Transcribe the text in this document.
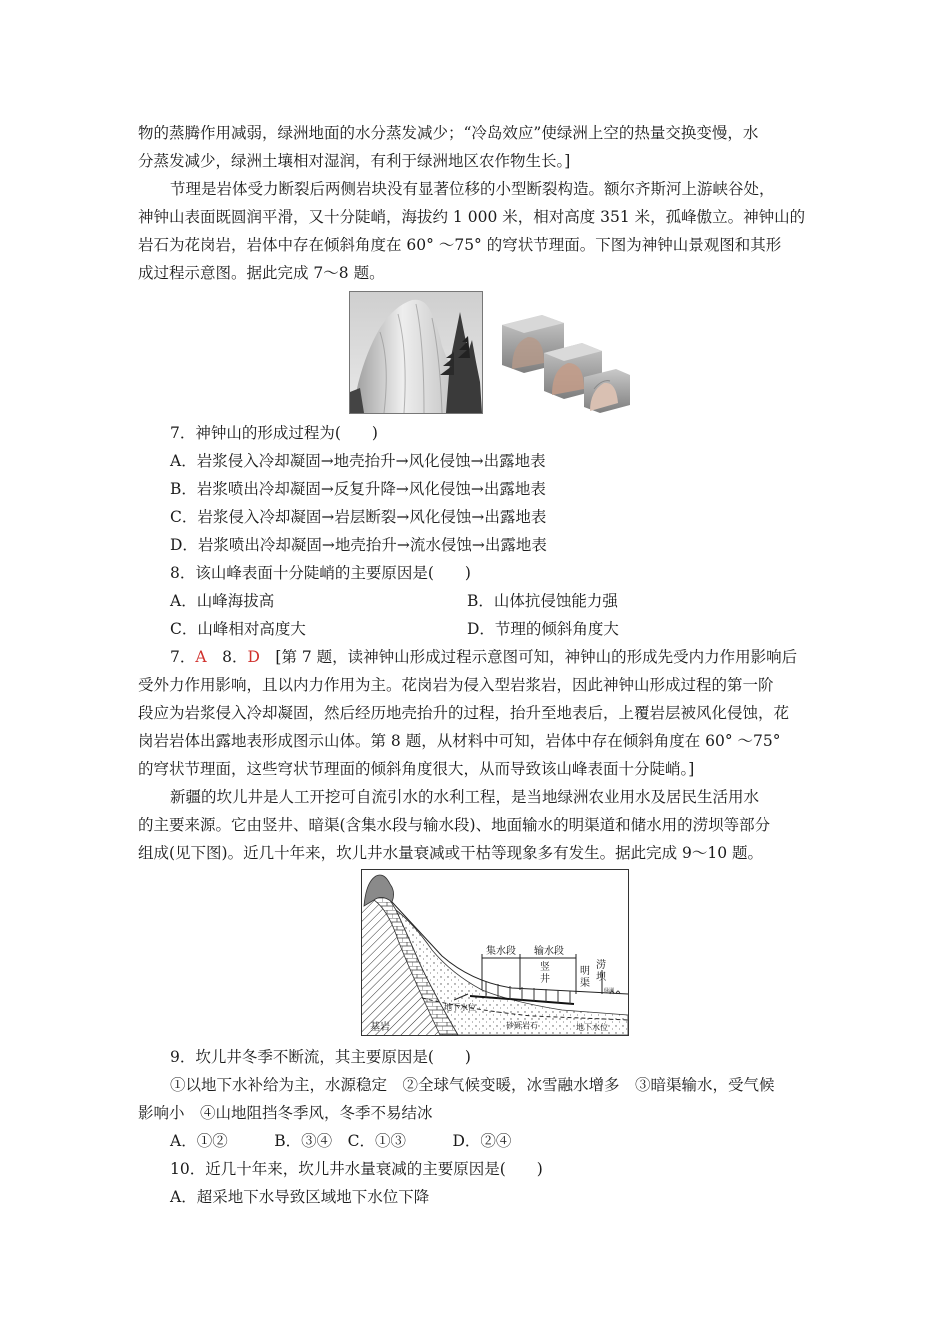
物的蒸腾作用减弱，绿洲地面的水分蒸发减少；“冷岛效应”使绿洲上空的热量交换变慢，水
分蒸发减少，绿洲土壤相对湿润，有利于绿洲地区农作物生长。]
节理是岩体受力断裂后两侧岩块没有显著位移的小型断裂构造。额尔齐斯河上游峡谷处，
神钟山表面既圆润平滑，又十分陡峭，海拔约 1 000 米，相对高度 351 米，孤峰傲立。神钟山的
岩石为花岗岩，岩体中存在倾斜角度在 60° ～75° 的穹状节理面。下图为神钟山景观图和其形
成过程示意图。据此完成 7～8 题。
7．神钟山的形成过程为(　　)
A．岩浆侵入冷却凝固→地壳抬升→风化侵蚀→出露地表
B．岩浆喷出冷却凝固→反复升降→风化侵蚀→出露地表
C．岩浆侵入冷却凝固→岩层断裂→风化侵蚀→出露地表
D．岩浆喷出冷却凝固→地壳抬升→流水侵蚀→出露地表
8．该山峰表面十分陡峭的主要原因是(　　)
A．山峰海拔高	B．山体抗侵蚀能力强
C．山峰相对高度大	D．节理的倾斜角度大
7．A　8．D　[第 7 题，读神钟山形成过程示意图可知，神钟山的形成先受内力作用影响后
受外力作用影响，且以内力作用为主。花岗岩为侵入型岩浆岩，因此神钟山形成过程的第一阶
段应为岩浆侵入冷却凝固，然后经历地壳抬升的过程，抬升至地表后，上覆岩层被风化侵蚀，花
岗岩岩体出露地表形成图示山体。第 8 题，从材料中可知，岩体中存在倾斜角度在 60° ～75°
的穹状节理面，这些穹状节理面的倾斜角度很大，从而导致该山峰表面十分陡峭。]
新疆的坎儿井是人工开挖可自流引水的水利工程，是当地绿洲农业用水及居民生活用水
的主要来源。它由竖井、暗渠(含集水段与输水段)、地面输水的明渠道和储水用的涝坝等部分
组成(见下图)。近几十年来，坎儿井水量衰减或干枯等现象多有发生。据此完成 9～10 题。
集水段 输水段
竖
井
明
渠
涝
坝
基岩
地下水位
砂砾岩石	地下水位
绿洲
9．坎儿井冬季不断流，其主要原因是(　　)
①以地下水补给为主，水源稳定　②全球气候变暖，冰雪融水增多　③暗渠输水，受气候
影响小　④山地阻挡冬季风，冬季不易结冰
A．①②　　　B．③④　C．①③　　　D．②④
10．近几十年来，坎儿井水量衰减的主要原因是(　　)
A．超采地下水导致区域地下水位下降
